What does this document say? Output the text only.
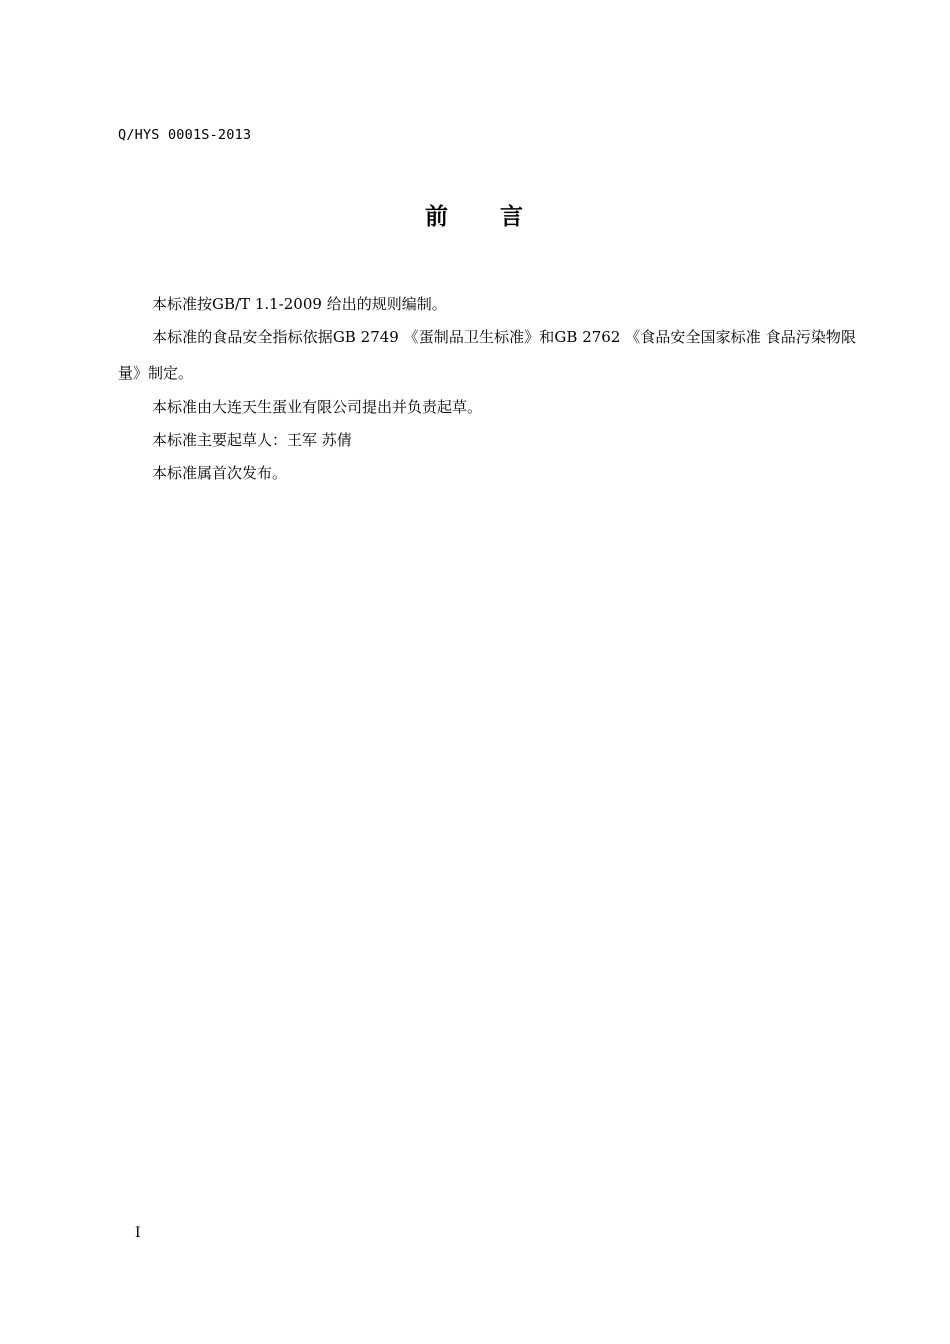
Q/HYS 0001S-2013
前     言

本标准按GB/T 1.1-2009 给出的规则编制。

本标准的食品安全指标依据GB 2749 《蛋制品卫生标准》和GB 2762 《食品安全国家标准 食品污染物限量》制定。

本标准由大连天生蛋业有限公司提出并负责起草。

本标准主要起草人：王军 苏倩

本标准属首次发布。

I
